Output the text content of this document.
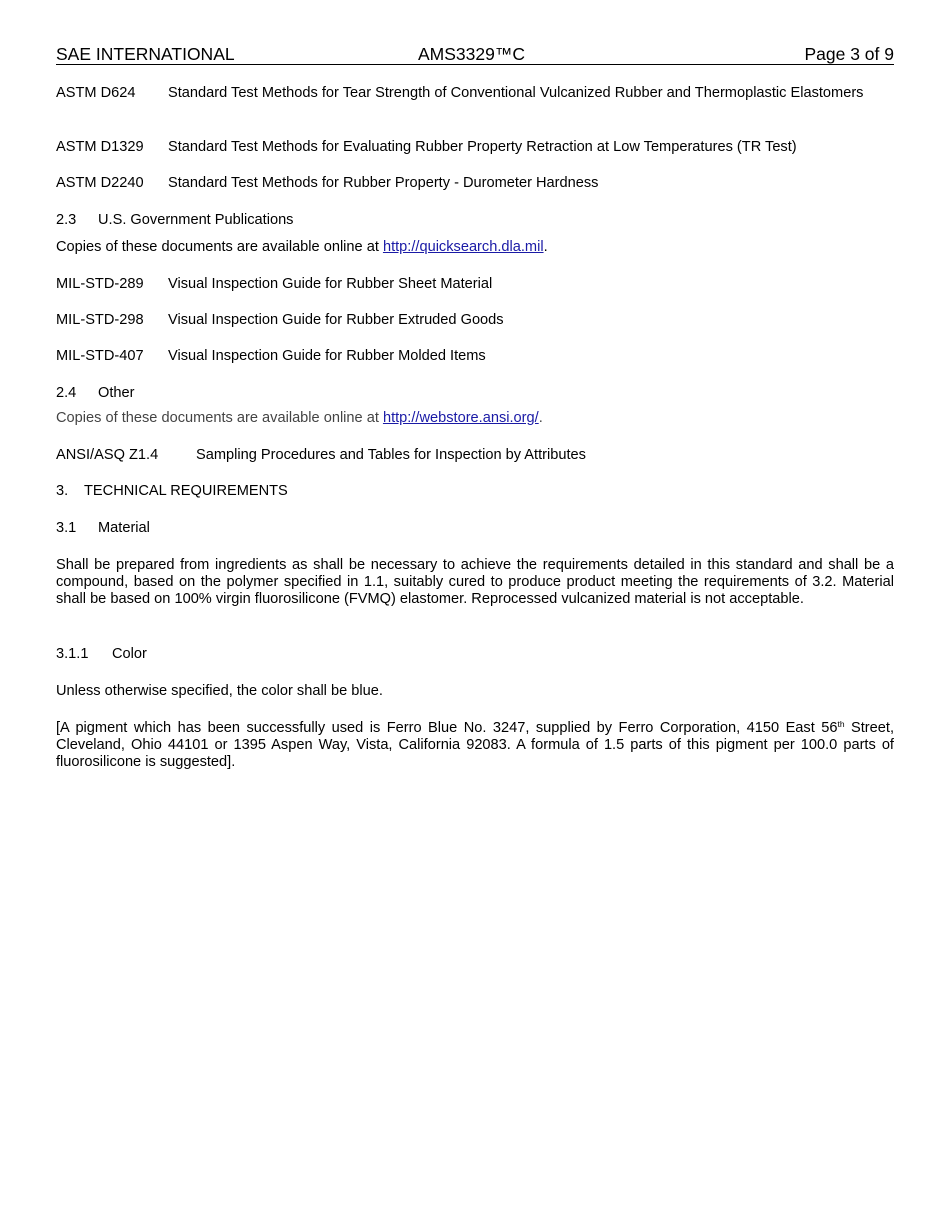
SAE INTERNATIONAL	AMS3329™C	Page 3 of 9
ASTM D624 Standard Test Methods for Tear Strength of Conventional Vulcanized Rubber and Thermoplastic Elastomers
ASTM D1329 Standard Test Methods for Evaluating Rubber Property Retraction at Low Temperatures (TR Test)
ASTM D2240 Standard Test Methods for Rubber Property - Durometer Hardness
2.3 U.S. Government Publications
Copies of these documents are available online at http://quicksearch.dla.mil.
MIL-STD-289 Visual Inspection Guide for Rubber Sheet Material
MIL-STD-298 Visual Inspection Guide for Rubber Extruded Goods
MIL-STD-407 Visual Inspection Guide for Rubber Molded Items
2.4 Other
Copies of these documents are available online at http://webstore.ansi.org/.
ANSI/ASQ Z1.4	Sampling Procedures and Tables for Inspection by Attributes
3. TECHNICAL REQUIREMENTS
3.1 Material
Shall be prepared from ingredients as shall be necessary to achieve the requirements detailed in this standard and shall be a compound, based on the polymer specified in 1.1, suitably cured to produce product meeting the requirements of 3.2. Material shall be based on 100% virgin fluorosilicone (FVMQ) elastomer. Reprocessed vulcanized material is not acceptable.
3.1.1 Color
Unless otherwise specified, the color shall be blue.
[A pigment which has been successfully used is Ferro Blue No. 3247, supplied by Ferro Corporation, 4150 East 56th Street, Cleveland, Ohio 44101 or 1395 Aspen Way, Vista, California 92083. A formula of 1.5 parts of this pigment per 100.0 parts of fluorosilicone is suggested].
